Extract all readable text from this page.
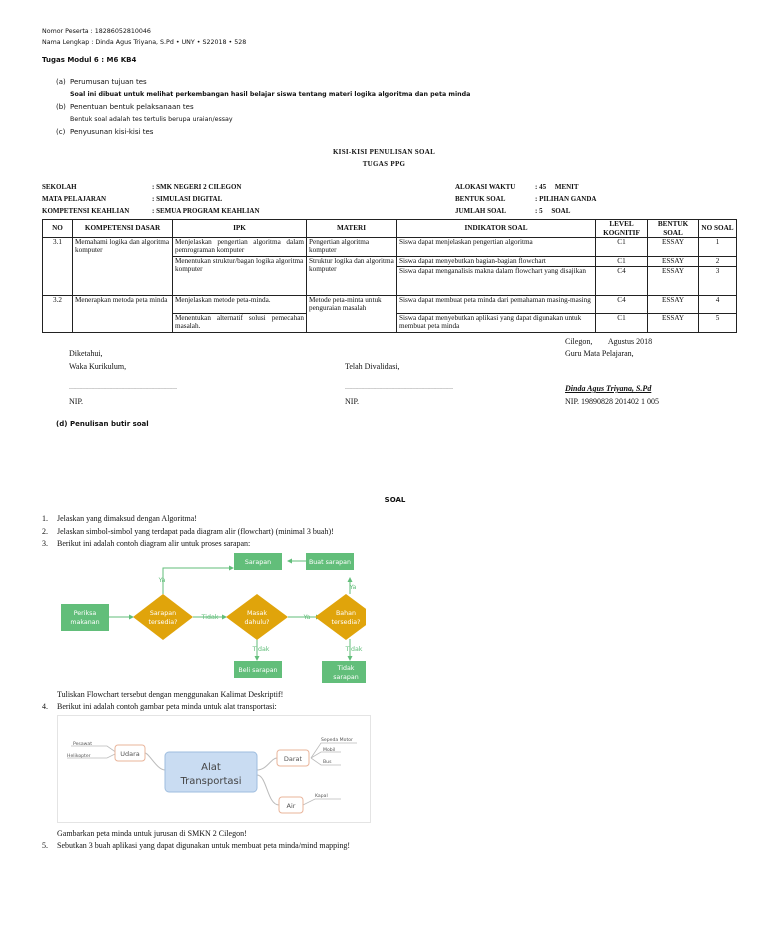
Nomor Peserta : 18286052810046
Nama Lengkap : Dinda Agus Triyana, S.Pd • UNY • S22018 • 528
Tugas Modul 6 : M6 KB4
(a) Perumusan tujuan tes
Soal ini dibuat untuk melihat perkembangan hasil belajar siswa tentang materi logika algoritma dan peta minda
(b) Penentuan bentuk pelaksanaan tes
Bentuk soal adalah tes tertulis berupa uraian/essay
(c) Penyusunan kisi-kisi tes
KISI-KISI PENULISAN SOAL
TUGAS PPG
SEKOLAH	: SMK NEGERI 2 CILEGON
MATA PELAJARAN	: SIMULASI DIGITAL
KOMPETENSI KEAHLIAN	: SEMUA PROGRAM KEAHLIAN
ALOKASI WAKTU	: 45     MENIT
BENTUK SOAL	: PILIHAN GANDA
JUMLAH SOAL	: 5     SOAL
NO	KOMPETENSI DASAR	IPK	MATERI	INDIKATOR SOAL	LEVEL KOGNITIF	BENTUK SOAL	NO SOAL
3.1	Memahami logika dan algoritma komputer	Menjelaskan pengertian algoritma dalam pemrograman komputer	Pengertian algoritma komputer	Siswa dapat menjelaskan pengertian algoritma	C1	ESSAY	1
		Menentukan struktur/bagan logika algoritma komputer	Struktur logika dan algoritma komputer	Siswa dapat menyebutkan bagian-bagian flowchart	C1	ESSAY	2
				Siswa dapat menganalisis makna dalam flowchart yang disajikan	C4	ESSAY	3
3.2	Menerapkan metoda peta minda	Menjelaskan metode peta-minda.	Metode peta-minta untuk penguraian masalah	Siswa dapat membuat peta minda dari pemahaman masing-masing	C4	ESSAY	4
		Menentukan alternatif solusi pemecahan masalah.		Siswa dapat menyebutkan aplikasi yang dapat digunakan untuk membuat peta minda	C1	ESSAY	5
Cilegon,        Agustus 2018
Diketahui,	Guru Mata Pelajaran,
Waka Kurikulum,	Telah Divalidasi,
………………………………………………	………………………………………………	Dinda Agus Triyana, S.Pd
NIP.	NIP.	NIP. 19890828 201402 1 005
(d) Penulisan butir soal
SOAL
1. Jelaskan yang dimaksud dengan Algoritma!
2. Jelaskan simbol-simbol yang terdapat pada diagram alir (flowchart) (minimal 3 buah)!
3. Berikut ini adalah contoh diagram alir untuk proses sarapan:
Periksa
makanan
Sarapan
tersedia?
Masak
dahulu?
Bahan
tersedia?
Sarapan	Buat sarapan
Beli sarapan	Tidak
sarapan
Ya
Tidak	Ya
Tidak	Tidak
Ya
Tuliskan Flowchart tersebut dengan menggunakan Kalimat Deskriptif!
4. Berikut ini adalah contoh gambar peta minda untuk alat transportasi:
Udara
Alat
Transportasi
Darat
Air
Pesawat
Helikopter
Sepeda Motor
Mobil
Bus
Kapal
Gambarkan peta minda untuk jurusan di SMKN 2 Cilegon!
5. Sebutkan 3 buah aplikasi yang dapat digunakan untuk membuat peta minda/mind mapping!
